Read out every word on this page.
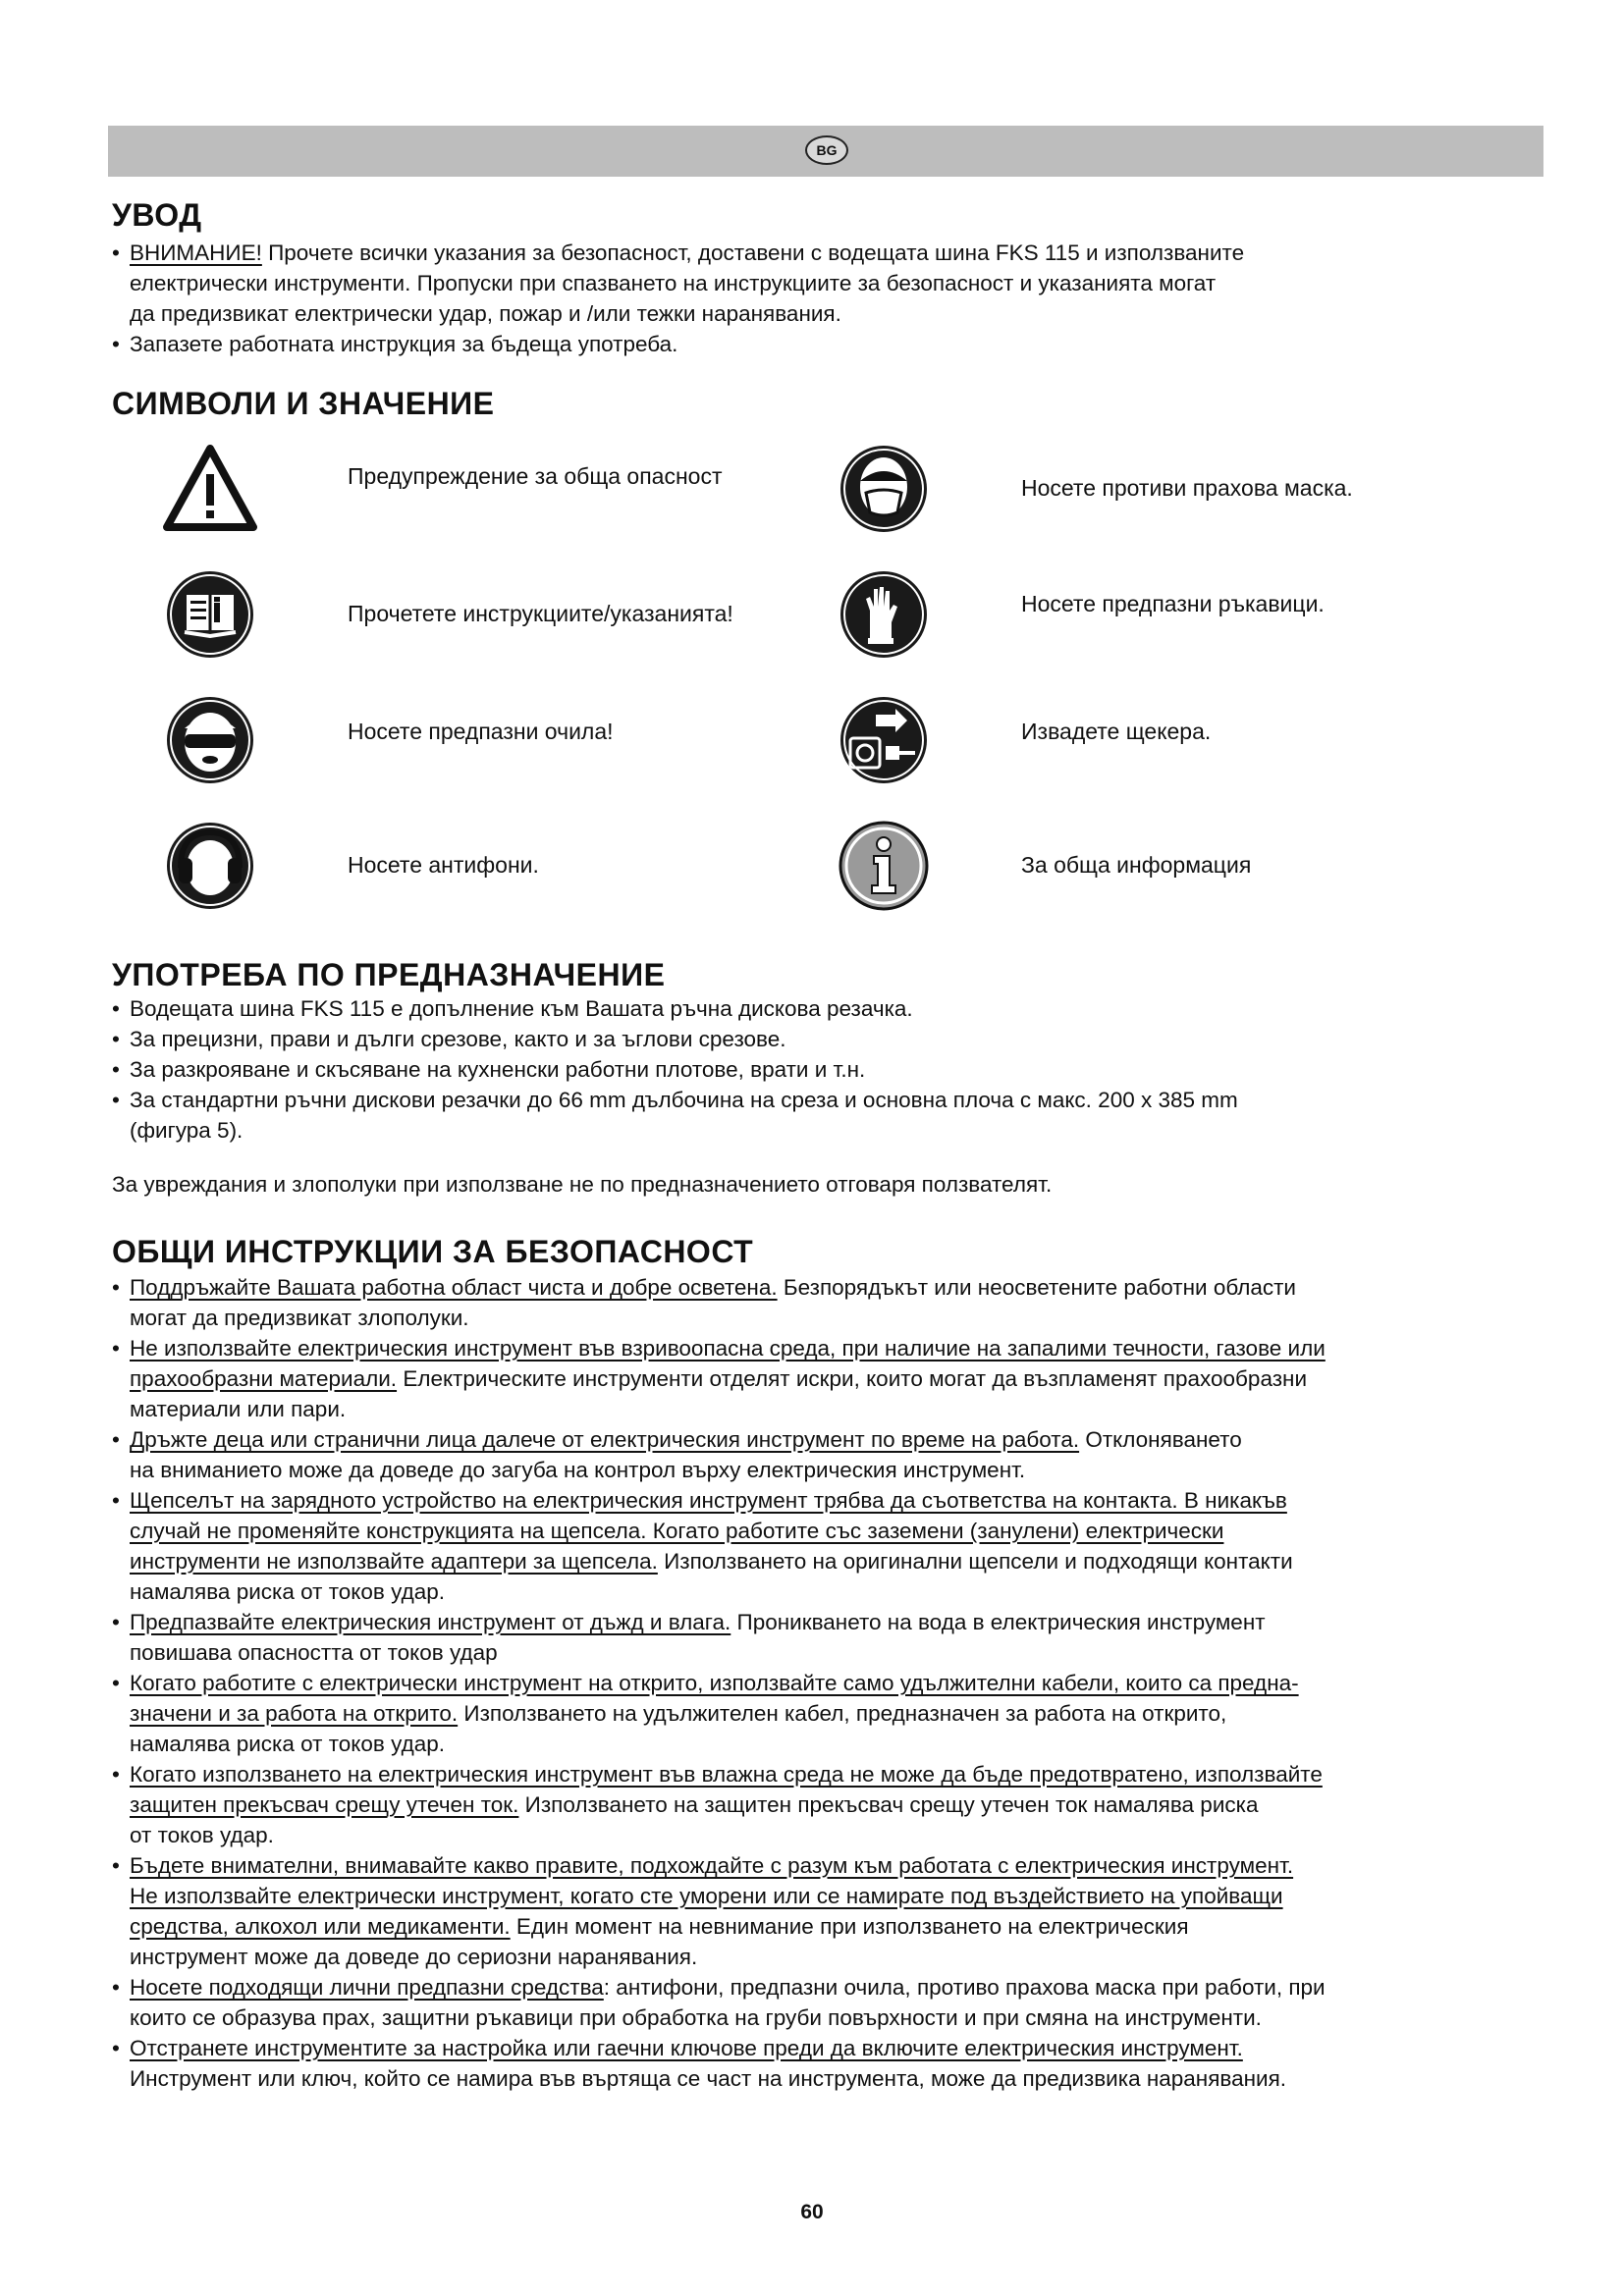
BG
УВОД
• ВНИМАНИЕ! Прочете всички указания за безопасност, доставени с водещата шина FKS 115 и използваните
електрически инструменти. Пропуски при спазването на инструкциите за безопасност и указанията могат
да предизвикат електрически удар, пожар и /или тежки наранявания.
• Запазете работната инструкция за бъдеща употреба.
СИМВОЛИ И ЗНАЧЕНИЕ
Предупреждение за обща опасност
Прочетете инструкциите/указанията!
Носете предпазни очила!
Носете антифони.
Носете противи прахова маска.
Носете предпазни ръкавици.
Извадете щекера.
За обща информация
УПОТРЕБА ПО ПРЕДНАЗНАЧЕНИЕ
• Водещата шина FKS 115 е допълнение към Вашата ръчна дискова резачка.
• За прецизни, прави и дълги срезове, както и за ъглови срезове.
• За разкрояване и скъсяване на кухненски работни плотове, врати и т.н.
• За стандартни ръчни дискови резачки до 66 mm дълбочина на среза и основна плоча с макс. 200 x 385 mm
(фигура 5).

За увреждания и злополуки при използване не по предназначението отговаря ползвателят.

ОБЩИ ИНСТРУКЦИИ ЗА БЕЗОПАСНОСТ
• Поддръжайте Вашата работна област чиста и добре осветена. Безпорядъкът или неосветените работни области
могат да предизвикат злополуки.
• Не използвайте електрическия инструмент във взривоопасна среда, при наличие на запалими течности, газове или
прахообразни материали. Електрическите инструменти отделят искри, които могат да възпламенят прахообразни
материали или пари.
• Дръжте деца или странични лица далече от електрическия инструмент по време на работа. Отклоняването
на вниманието може да доведе до загуба на контрол върху електрическия инструмент.
• Щепселът на зарядното устройство на електрическия инструмент трябва да съответства на контакта. В никакъв
случай не променяйте конструкцията на щепсела. Когато работите със заземени (занулени) електрически
инструменти не използвайте адаптери за щепсела. Използването на оригинални щепсели и подходящи контакти
намалява риска от токов удар.
• Предпазвайте електрическия инструмент от дъжд и влага. Проникването на вода в електрическия инструмент
повишава опасността от токов удар
• Когато работите с електрически инструмент на открито, използвайте само удължителни кабели, които са предна-
значени и за работа на открито. Използването на удължителен кабел, предназначен за работа на открито,
намалява риска от токов удар.
• Когато използването на електрическия инструмент във влажна среда не може да бъде предотвратено, използвайте
защитен прекъсвач срещу утечен ток. Използването на защитен прекъсвач срещу утечен ток намалява риска
от токов удар.
• Бъдете внимателни, внимавайте какво правите, подхождайте с разум към работата с електрическия инструмент.
Не използвайте електрически инструмент, когато сте уморени или се намирате под въздействието на упойващи
средства, алкохол или медикаменти. Един момент на невнимание при използването на електрическия
инструмент може да доведе до сериозни наранявания.
• Носете подходящи лични предпазни средства: антифони, предпазни очила, противо прахова маска при работи, при
които се образува прах, защитни ръкавици при обработка на груби повърхности и при смяна на инструменти.
• Отстранете инструментите за настройка или гаечни ключове преди да включите електрическия инструмент.
Инструмент или ключ, който се намира във въртяща се част на инструмента, може да предизвика наранявания.
60
